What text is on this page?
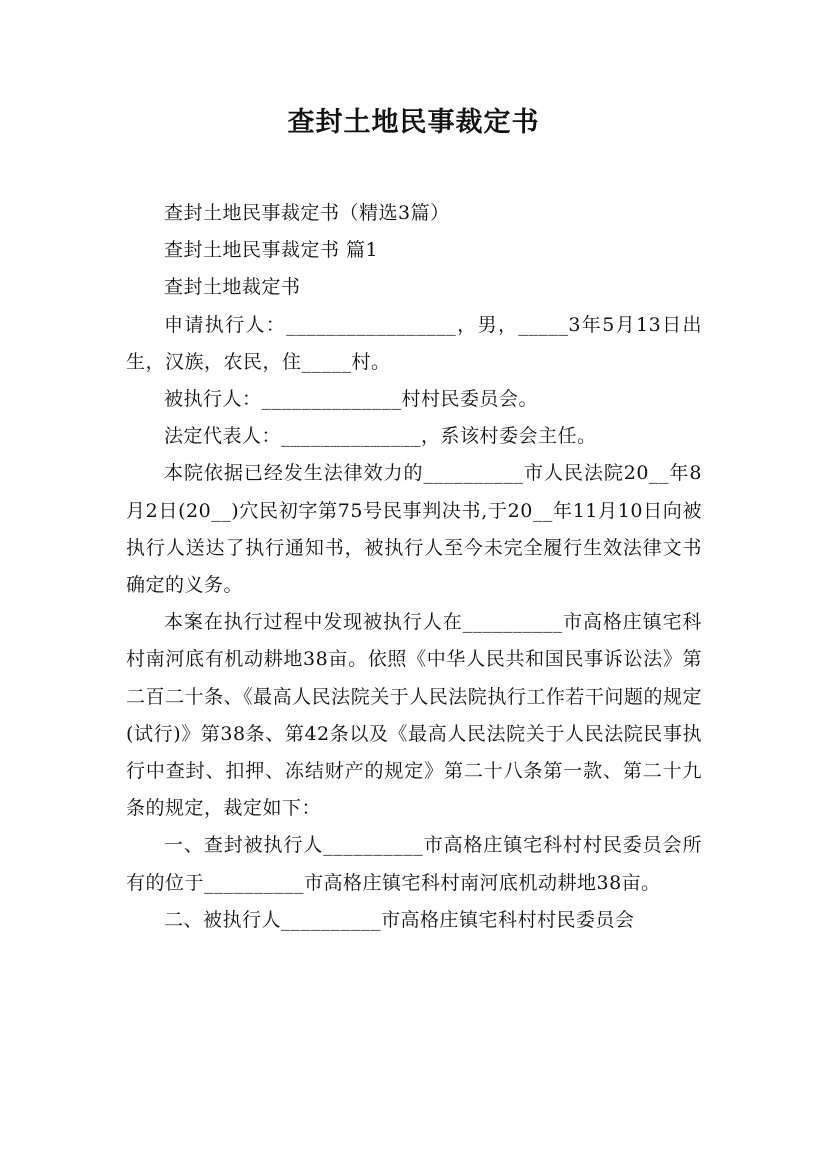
查封土地民事裁定书

查封土地民事裁定书（精选3篇）

查封土地民事裁定书 篇1

查封土地裁定书

申请执行人：_________________，男，_____3年5月13日出生，汉族，农民，住_____村。

被执行人：______________村村民委员会。

法定代表人：______________，系该村委会主任。

本院依据已经发生法律效力的__________市人民法院20__年8月2日(20__)穴民初字第75号民事判决书,于20__年11月10日向被执行人送达了执行通知书，被执行人至今未完全履行生效法律文书确定的义务。

本案在执行过程中发现被执行人在__________市高格庄镇宅科村南河底有机动耕地38亩。依照《中华人民共和国民事诉讼法》第二百二十条、《最高人民法院关于人民法院执行工作若干问题的规定(试行)》第38条、第42条以及《最高人民法院关于人民法院民事执行中查封、扣押、冻结财产的规定》第二十八条第一款、第二十九条的规定，裁定如下：

一、查封被执行人__________市高格庄镇宅科村村民委员会所有的位于__________市高格庄镇宅科村南河底机动耕地38亩。

二、被执行人__________市高格庄镇宅科村村民委员会
